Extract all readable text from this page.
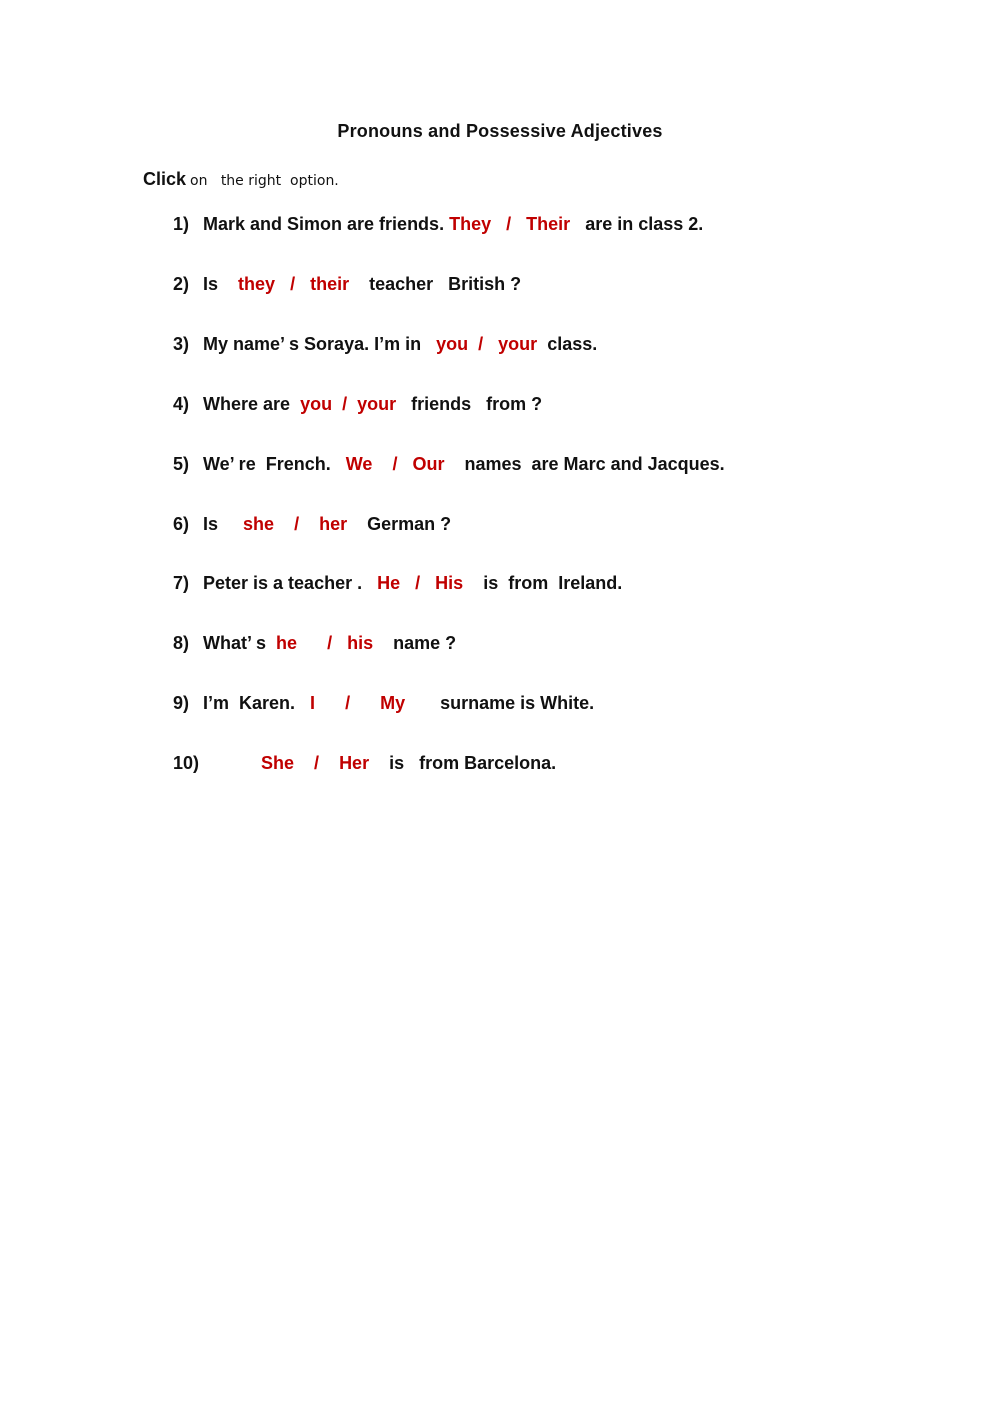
Pronouns and Possessive Adjectives
Click on   the right  option.
1) Mark and Simon are friends. They / Their are in class 2.
2) Is they / their teacher   British ?
3) My name’ s Soraya. I’m in you / your class.
4) Where are you / your friends   from ?
5) We’ re  French. We / Our names  are Marc and Jacques.
6) Is she / her German ?
7) Peter is a teacher . He / His is  from  Ireland.
8) What’ s he / his name ?
9) I’m  Karen. I / My surname is White.
10)	She / Her is   from Barcelona.
